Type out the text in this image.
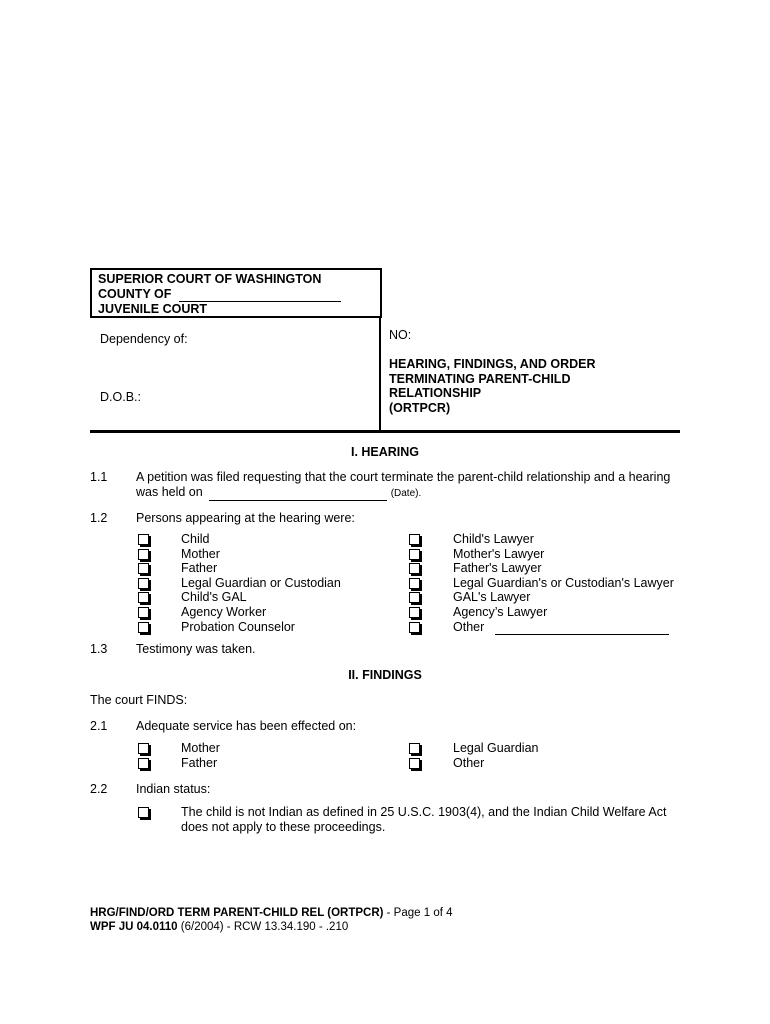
SUPERIOR COURT OF WASHINGTON
COUNTY OF
JUVENILE COURT
Dependency of:
D.O.B.:
NO:
HEARING, FINDINGS, AND ORDER
TERMINATING PARENT-CHILD
RELATIONSHIP
(ORTPCR)
I. HEARING
1.1 A petition was filed requesting that the court terminate the parent-child relationship and a hearing
was held on	(Date).
1.2 Persons appearing at the hearing were:
Child
Mother
Father
Legal Guardian or Custodian
Child's GAL
Agency Worker
Probation Counselor
Child's Lawyer
Mother's Lawyer
Father's Lawyer
Legal Guardian's or Custodian's Lawyer
GAL's Lawyer
Agency’s Lawyer
Other
1.3 Testimony was taken.
II. FINDINGS
The court FINDS:
2.1 Adequate service has been effected on:
Mother
Father
Legal Guardian
Other
2.2 Indian status:
The child is not Indian as defined in 25 U.S.C. 1903(4), and the Indian Child Welfare Act
does not apply to these proceedings.
HRG/FIND/ORD TERM PARENT-CHILD REL (ORTPCR) - Page 1 of 4
WPF JU 04.0110 (6/2004) - RCW 13.34.190 - .210
